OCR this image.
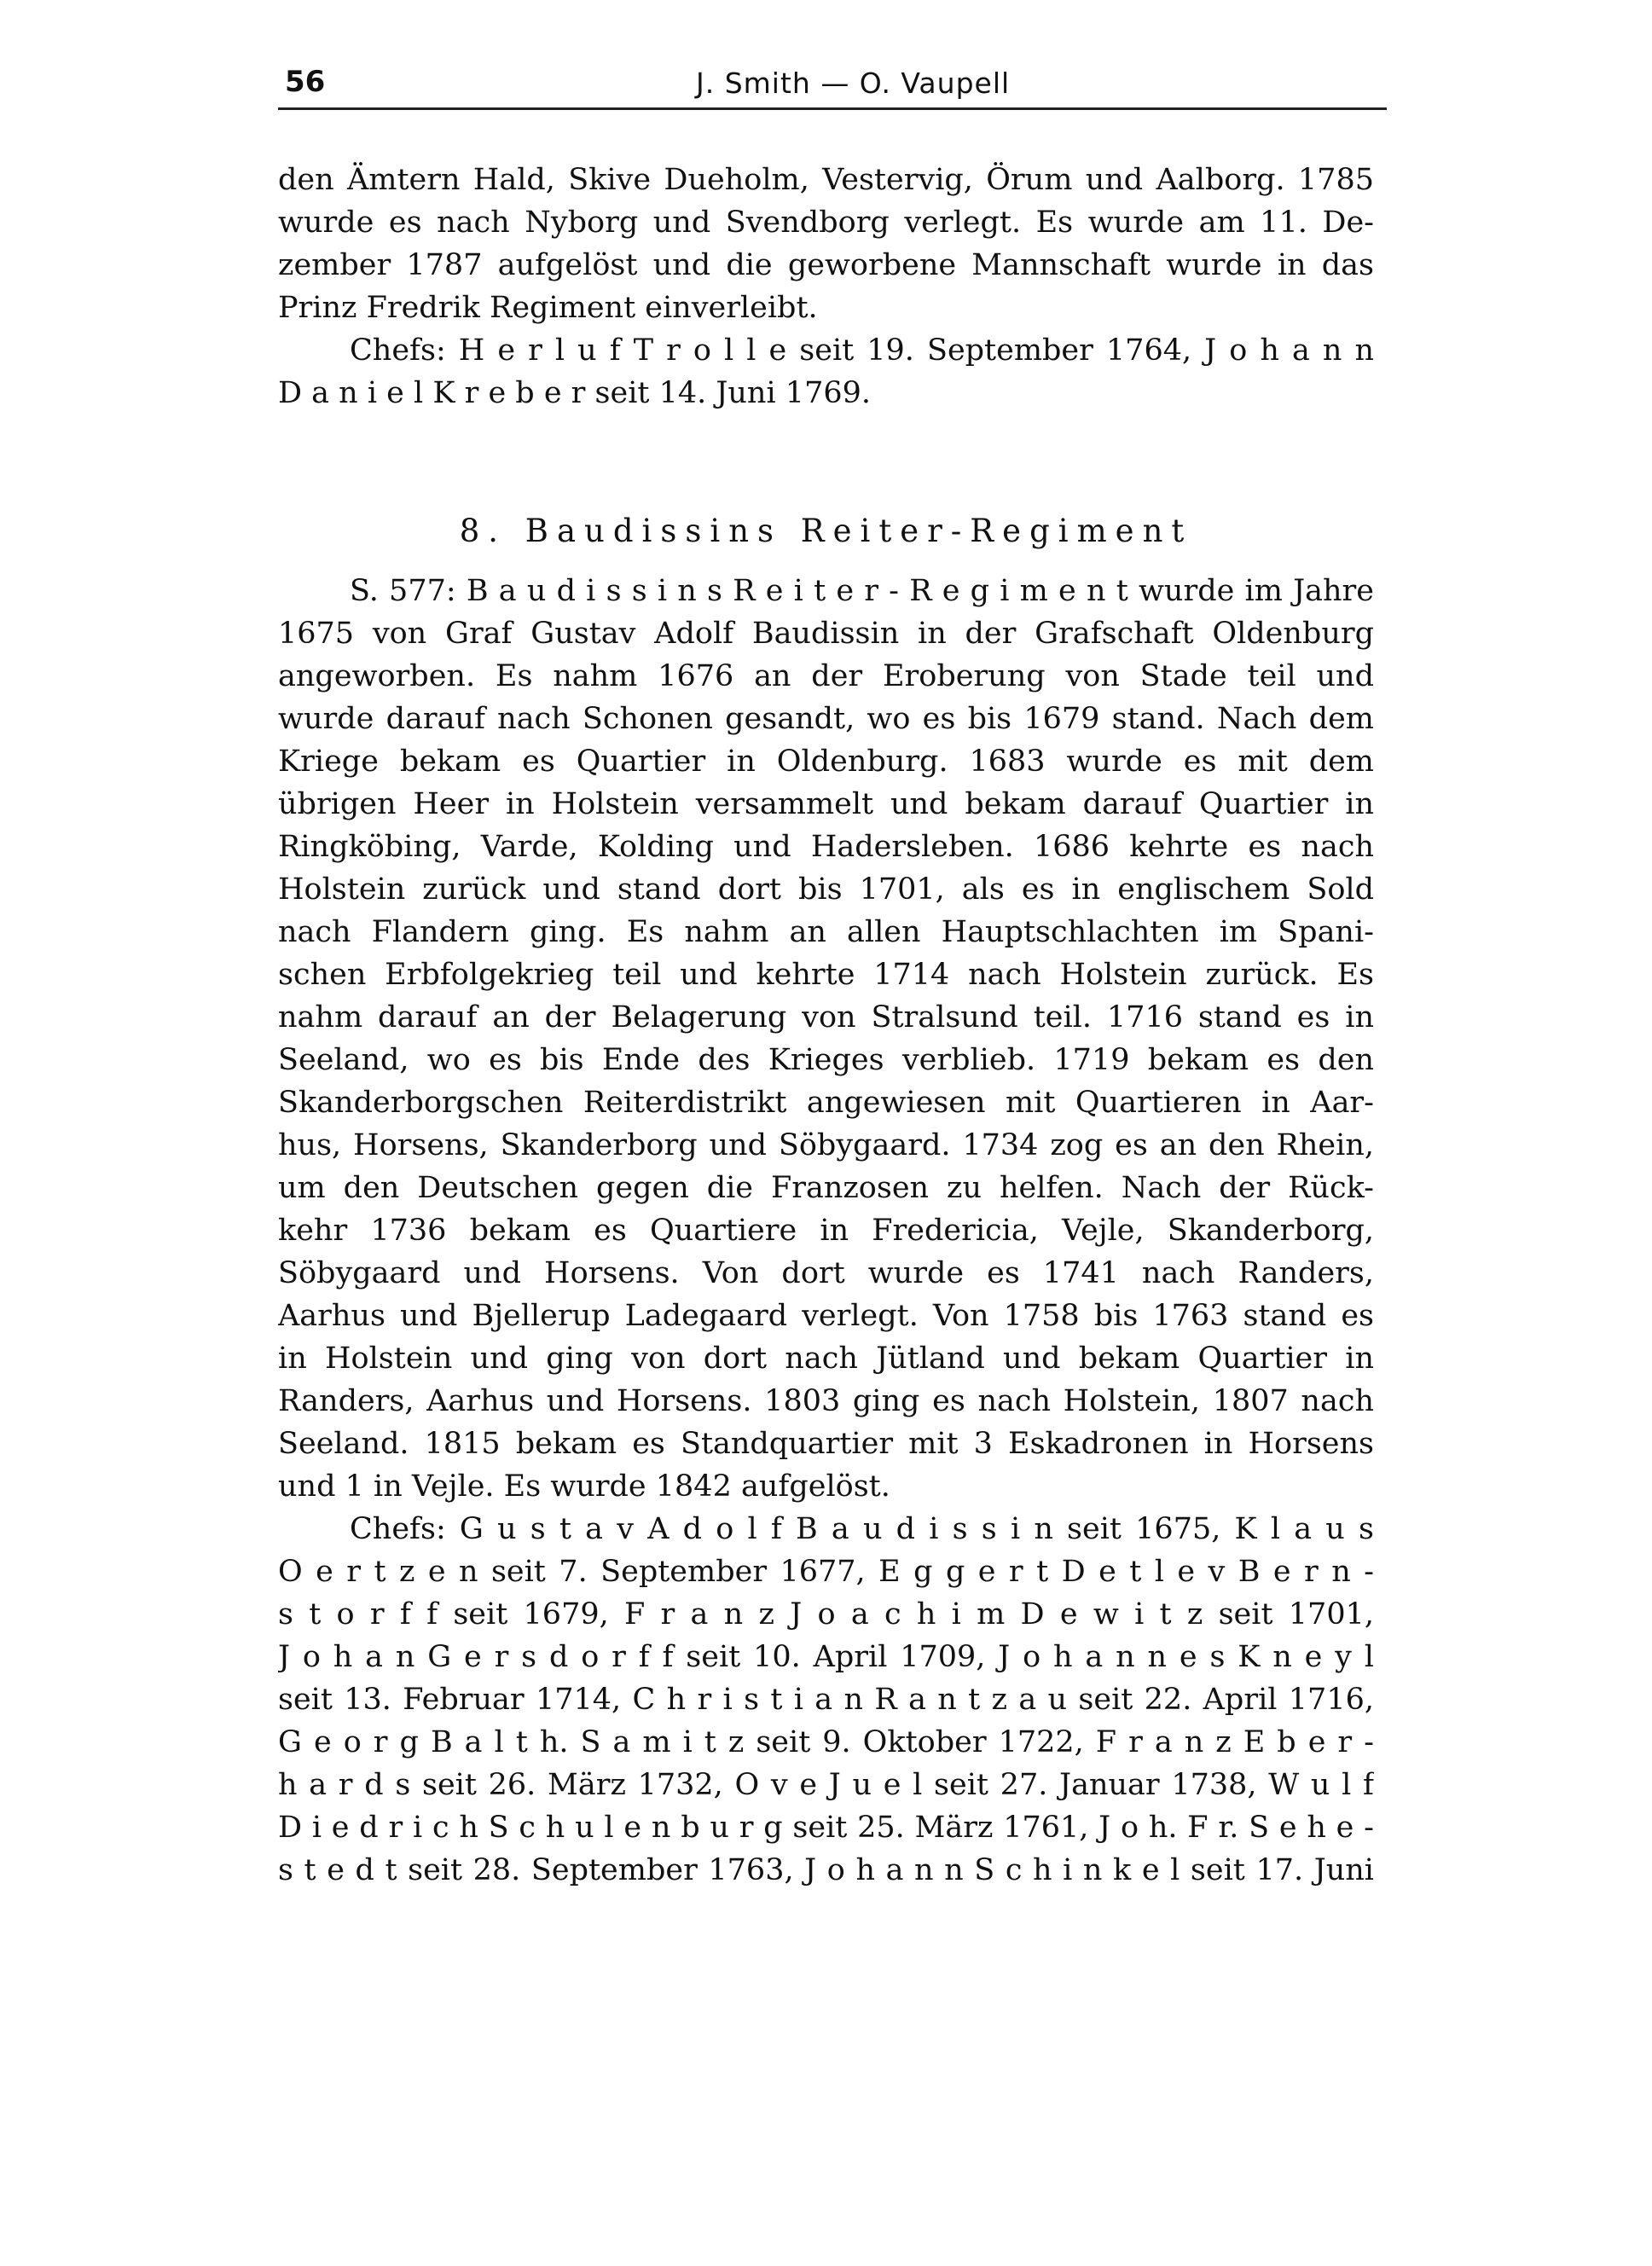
56	J. Smith — O. Vaupell
den Ämtern Hald, Skive Dueholm, Vestervig, Örum und Aalborg. 1785
wurde es nach Nyborg und Svendborg verlegt. Es wurde am 11. De-
zember 1787 aufgelöst und die geworbene Mannschaft wurde in das
Prinz Fredrik Regiment einverleibt.
Chefs: H e r l u f T r o l l e seit 19. September 1764, J o h a n n
D a n i e l K r e b e r seit 14. Juni 1769.
8. Baudissins Reiter-Regiment
S. 577: B a u d i s s i n s R e i t e r - R e g i m e n t wurde im Jahre
1675 von Graf Gustav Adolf Baudissin in der Grafschaft Oldenburg
angeworben. Es nahm 1676 an der Eroberung von Stade teil und
wurde darauf nach Schonen gesandt, wo es bis 1679 stand. Nach dem
Kriege bekam es Quartier in Oldenburg. 1683 wurde es mit dem
übrigen Heer in Holstein versammelt und bekam darauf Quartier in
Ringköbing, Varde, Kolding und Hadersleben. 1686 kehrte es nach
Holstein zurück und stand dort bis 1701, als es in englischem Sold
nach Flandern ging. Es nahm an allen Hauptschlachten im Spani-
schen Erbfolgekrieg teil und kehrte 1714 nach Holstein zurück. Es
nahm darauf an der Belagerung von Stralsund teil. 1716 stand es in
Seeland, wo es bis Ende des Krieges verblieb. 1719 bekam es den
Skanderborgschen Reiterdistrikt angewiesen mit Quartieren in Aar-
hus, Horsens, Skanderborg und Söbygaard. 1734 zog es an den Rhein,
um den Deutschen gegen die Franzosen zu helfen. Nach der Rück-
kehr 1736 bekam es Quartiere in Fredericia, Vejle, Skanderborg,
Söbygaard und Horsens. Von dort wurde es 1741 nach Randers,
Aarhus und Bjellerup Ladegaard verlegt. Von 1758 bis 1763 stand es
in Holstein und ging von dort nach Jütland und bekam Quartier in
Randers, Aarhus und Horsens. 1803 ging es nach Holstein, 1807 nach
Seeland. 1815 bekam es Standquartier mit 3 Eskadronen in Horsens
und 1 in Vejle. Es wurde 1842 aufgelöst.
Chefs: G u s t a v A d o l f B a u d i s s i n seit 1675, K l a u s
O e r t z e n seit 7. September 1677, E g g e r t D e t l e v B e r n -
s t o r f f seit 1679, F r a n z J o a c h i m D e w i t z seit 1701,
J o h a n G e r s d o r f f seit 10. April 1709, J o h a n n e s K n e y l
seit 13. Februar 1714, C h r i s t i a n R a n t z a u seit 22. April 1716,
G e o r g B a l t h. S a m i t z seit 9. Oktober 1722, F r a n z E b e r -
h a r d s seit 26. März 1732, O v e J u e l seit 27. Januar 1738, W u l f
D i e d r i c h S c h u l e n b u r g seit 25. März 1761, J o h. F r. S e h e -
s t e d t seit 28. September 1763, J o h a n n S c h i n k e l seit 17. Juni
